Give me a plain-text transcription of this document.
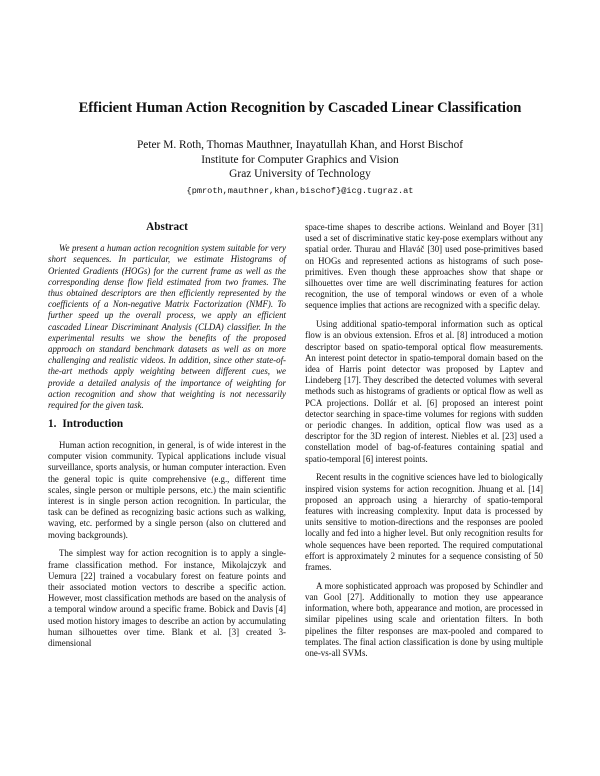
Efficient Human Action Recognition by Cascaded Linear Classification
Peter M. Roth, Thomas Mauthner, Inayatullah Khan, and Horst Bischof
Institute for Computer Graphics and Vision
Graz University of Technology
{pmroth,mauthner,khan,bischof}@icg.tugraz.at
Abstract

We present a human action recognition system suitable for very short sequences. In particular, we estimate Histograms of Oriented Gradients (HOGs) for the current frame as well as the corresponding dense flow field estimated from two frames. The thus obtained descriptors are then efficiently represented by the coefficients of a Non-negative Matrix Factorization (NMF). To further speed up the overall process, we apply an efficient cascaded Linear Discriminant Analysis (CLDA) classifier. In the experimental results we show the benefits of the proposed approach on standard benchmark datasets as well as on more challenging and realistic videos. In addition, since other state-of-the-art methods apply weighting between different cues, we provide a detailed analysis of the importance of weighting for action recognition and show that weighting is not necessarily required for the given task.

1. Introduction

Human action recognition, in general, is of wide interest in the computer vision community. Typical applications include visual surveillance, sports analysis, or human computer interaction. Even the general topic is quite comprehensive (e.g., different time scales, single person or multiple persons, etc.) the main scientific interest is in single person action recognition. In particular, the task can be defined as recognizing basic actions such as walking, waving, etc. performed by a single person (also on cluttered and moving backgrounds).

The simplest way for action recognition is to apply a single-frame classification method. For instance, Mikolajczyk and Uemura [22] trained a vocabulary forest on feature points and their associated motion vectors to describe a specific action. However, most classification methods are based on the analysis of a temporal window around a specific frame. Bobick and Davis [4] used motion history images to describe an action by accumulating human silhouettes over time. Blank et al. [3] created 3-dimensional

space-time shapes to describe actions. Weinland and Boyer [31] used a set of discriminative static key-pose exemplars without any spatial order. Thurau and Hlaváč [30] used pose-primitives based on HOGs and represented actions as histograms of such pose-primitives. Even though these approaches show that shape or silhouettes over time are well discriminating features for action recognition, the use of temporal windows or even of a whole sequence implies that actions are recognized with a specific delay.

Using additional spatio-temporal information such as optical flow is an obvious extension. Efros et al. [8] introduced a motion descriptor based on spatio-temporal optical flow measurements. An interest point detector in spatio-temporal domain based on the idea of Harris point detector was proposed by Laptev and Lindeberg [17]. They described the detected volumes with several methods such as histograms of gradients or optical flow as well as PCA projections. Dollár et al. [6] proposed an interest point detector searching in space-time volumes for regions with sudden or periodic changes. In addition, optical flow was used as a descriptor for the 3D region of interest. Niebles et al. [23] used a constellation model of bag-of-features containing spatial and spatio-temporal [6] interest points.

Recent results in the cognitive sciences have led to biologically inspired vision systems for action recognition. Jhuang et al. [14] proposed an approach using a hierarchy of spatio-temporal features with increasing complexity. Input data is processed by units sensitive to motion-directions and the responses are pooled locally and fed into a higher level. But only recognition results for whole sequences have been reported. The required computational effort is approximately 2 minutes for a sequence consisting of 50 frames.

A more sophisticated approach was proposed by Schindler and van Gool [27]. Additionally to motion they use appearance information, where both, appearance and motion, are processed in similar pipelines using scale and orientation filters. In both pipelines the filter responses are max-pooled and compared to templates. The final action classification is done by using multiple one-vs-all SVMs.
